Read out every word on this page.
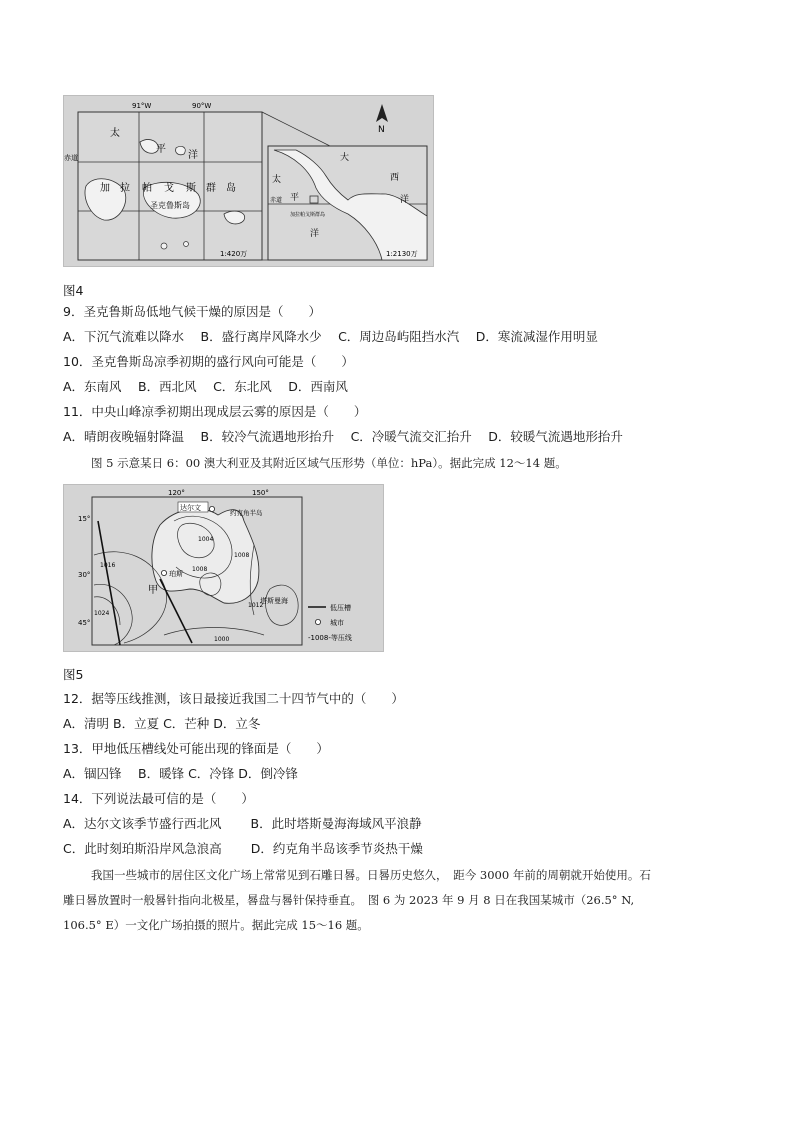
91°W	90°W
赤道
太
平
洋
加 拉 帕 戈 斯 群 岛
圣克鲁斯岛
1:420万
N
大
西
洋
太
平
洋
赤道
加拉帕戈斯群岛
1:2130万
图4
9．圣克鲁斯岛低地气候干燥的原因是（　　）
A．下沉气流难以降水　 B．盛行离岸风降水少　 C．周边岛屿阻挡水汽　 D．寒流减湿作用明显
10．圣克鲁斯岛凉季初期的盛行风向可能是（　　）
A．东南风　 B．西北风　 C．东北风　 D．西南风
11．中央山峰凉季初期出现成层云雾的原因是（　　）
A．晴朗夜晚辐射降温　 B．较冷气流遇地形抬升　 C．冷暖气流交汇抬升　 D．较暖气流遇地形抬升
图 5 示意某日 6：00 澳大利亚及其附近区域气压形势（单位：hPa）。据此完成 12～14 题。
120°	150°
15°
30°
45°
达尔文
珀斯
约克角半岛
塔斯曼海
甲
1004
1008
1016
1024
1008
1012
1000
低压槽
城市
-1008-等压线
图5
12．据等压线推测，该日最接近我国二十四节气中的（　　）
A．清明 B．立夏 C．芒种 D．立冬
13．甲地低压槽线处可能出现的锋面是（　　）
A．锢囚锋　 B．暖锋 C．冷锋 D．倒冷锋
14．下列说法最可信的是（　　）
A．达尔文该季节盛行西北风　　 B．此时塔斯曼海海域风平浪静
C．此时刻珀斯沿岸风急浪高　　 D．约克角半岛该季节炎热干燥
我国一些城市的居住区文化广场上常常见到石雕日晷。日晷历史悠久，　距今 3000 年前的周朝就开始使用。石
雕日晷放置时一般晷针指向北极星，晷盘与晷针保持垂直。　图 6 为 2023 年 9 月 8 日在我国某城市（26.5° N,
106.5° E）一文化广场拍摄的照片。据此完成 15～16 题。
